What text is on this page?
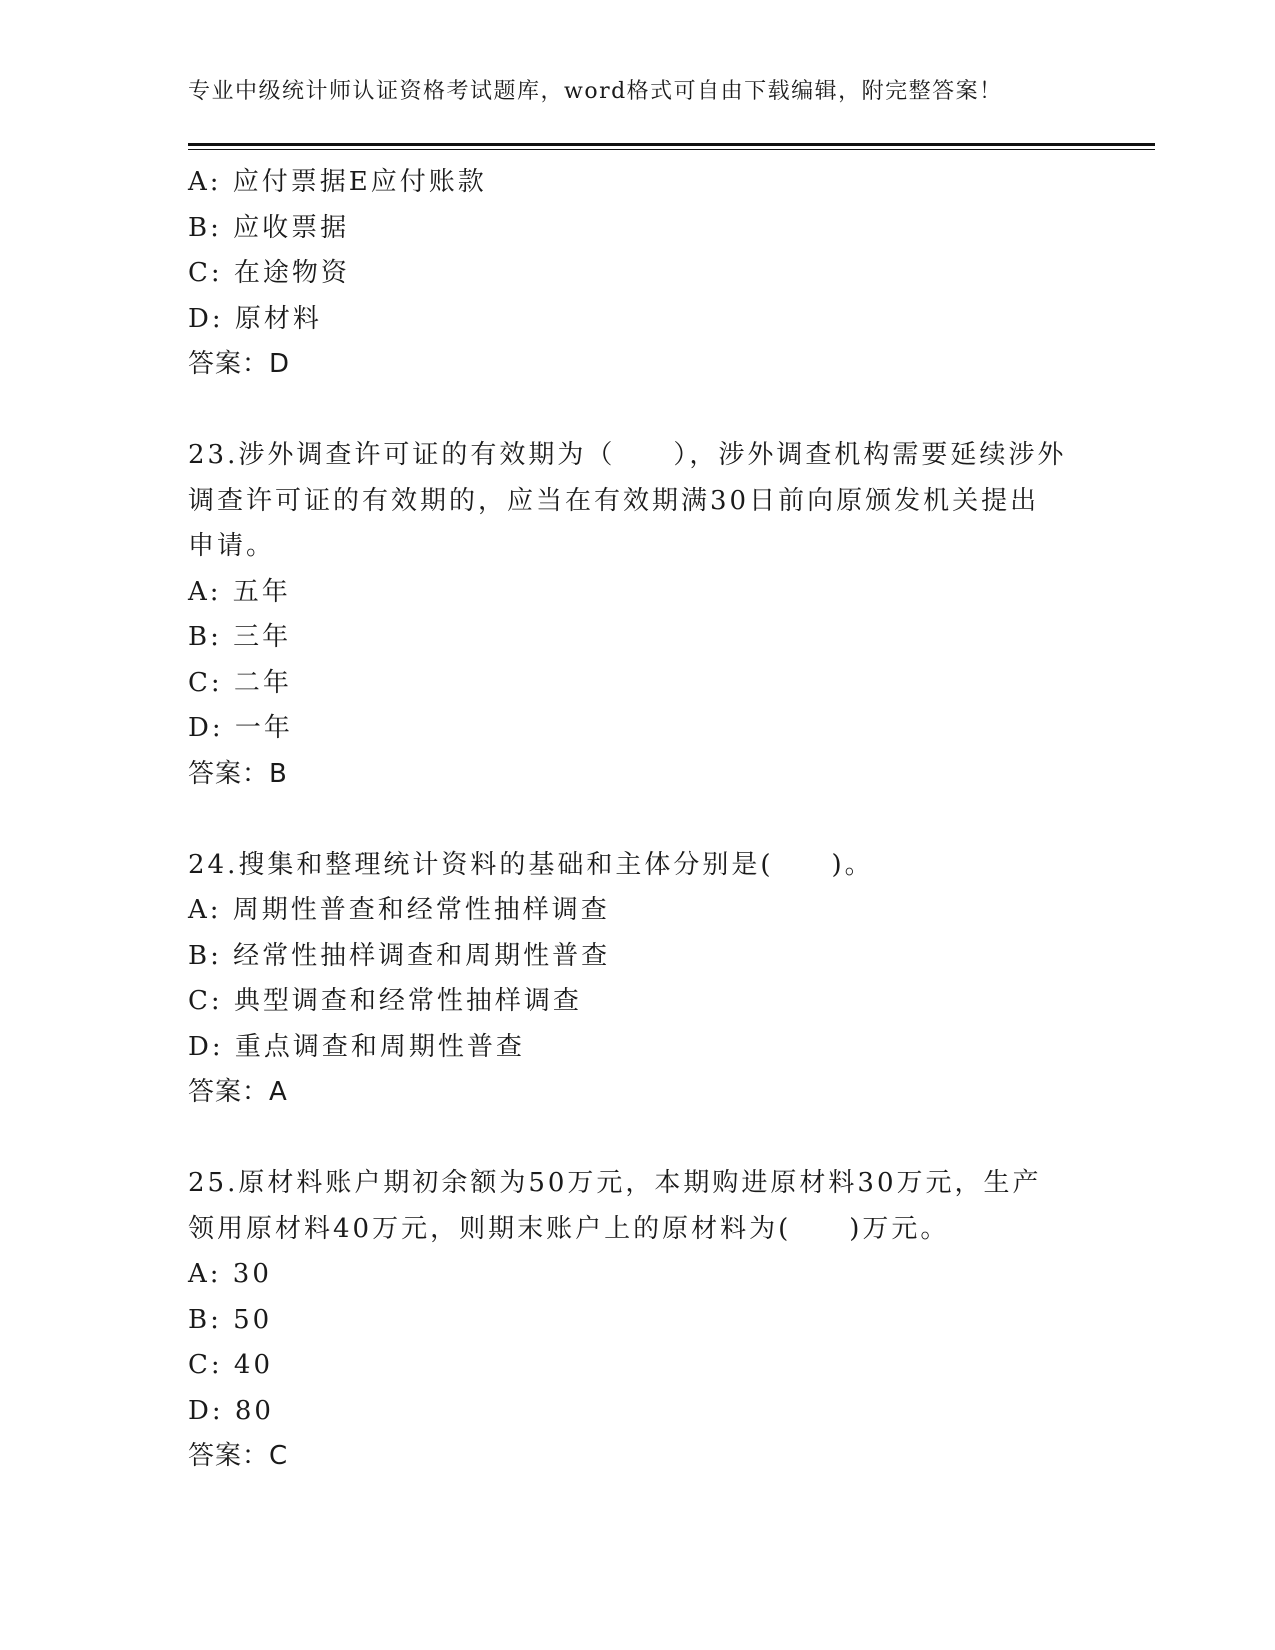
专业中级统计师认证资格考试题库，word格式可自由下载编辑，附完整答案！

A: 应付票据E应付账款

B: 应收票据

C: 在途物资

D: 原材料

答案：D

23.涉外调查许可证的有效期为（　　），涉外调查机构需要延续涉外调查许可证的有效期的，应当在有效期满30日前向原颁发机关提出申请。

A: 五年

B: 三年

C: 二年

D: 一年

答案：B

24.搜集和整理统计资料的基础和主体分别是(　　)。

A: 周期性普查和经常性抽样调查

B: 经常性抽样调查和周期性普查

C: 典型调查和经常性抽样调查

D: 重点调查和周期性普查

答案：A

25.原材料账户期初余额为50万元，本期购进原材料30万元，生产领用原材料40万元，则期末账户上的原材料为(　　)万元。

A: 30

B: 50

C: 40

D: 80

答案：C
